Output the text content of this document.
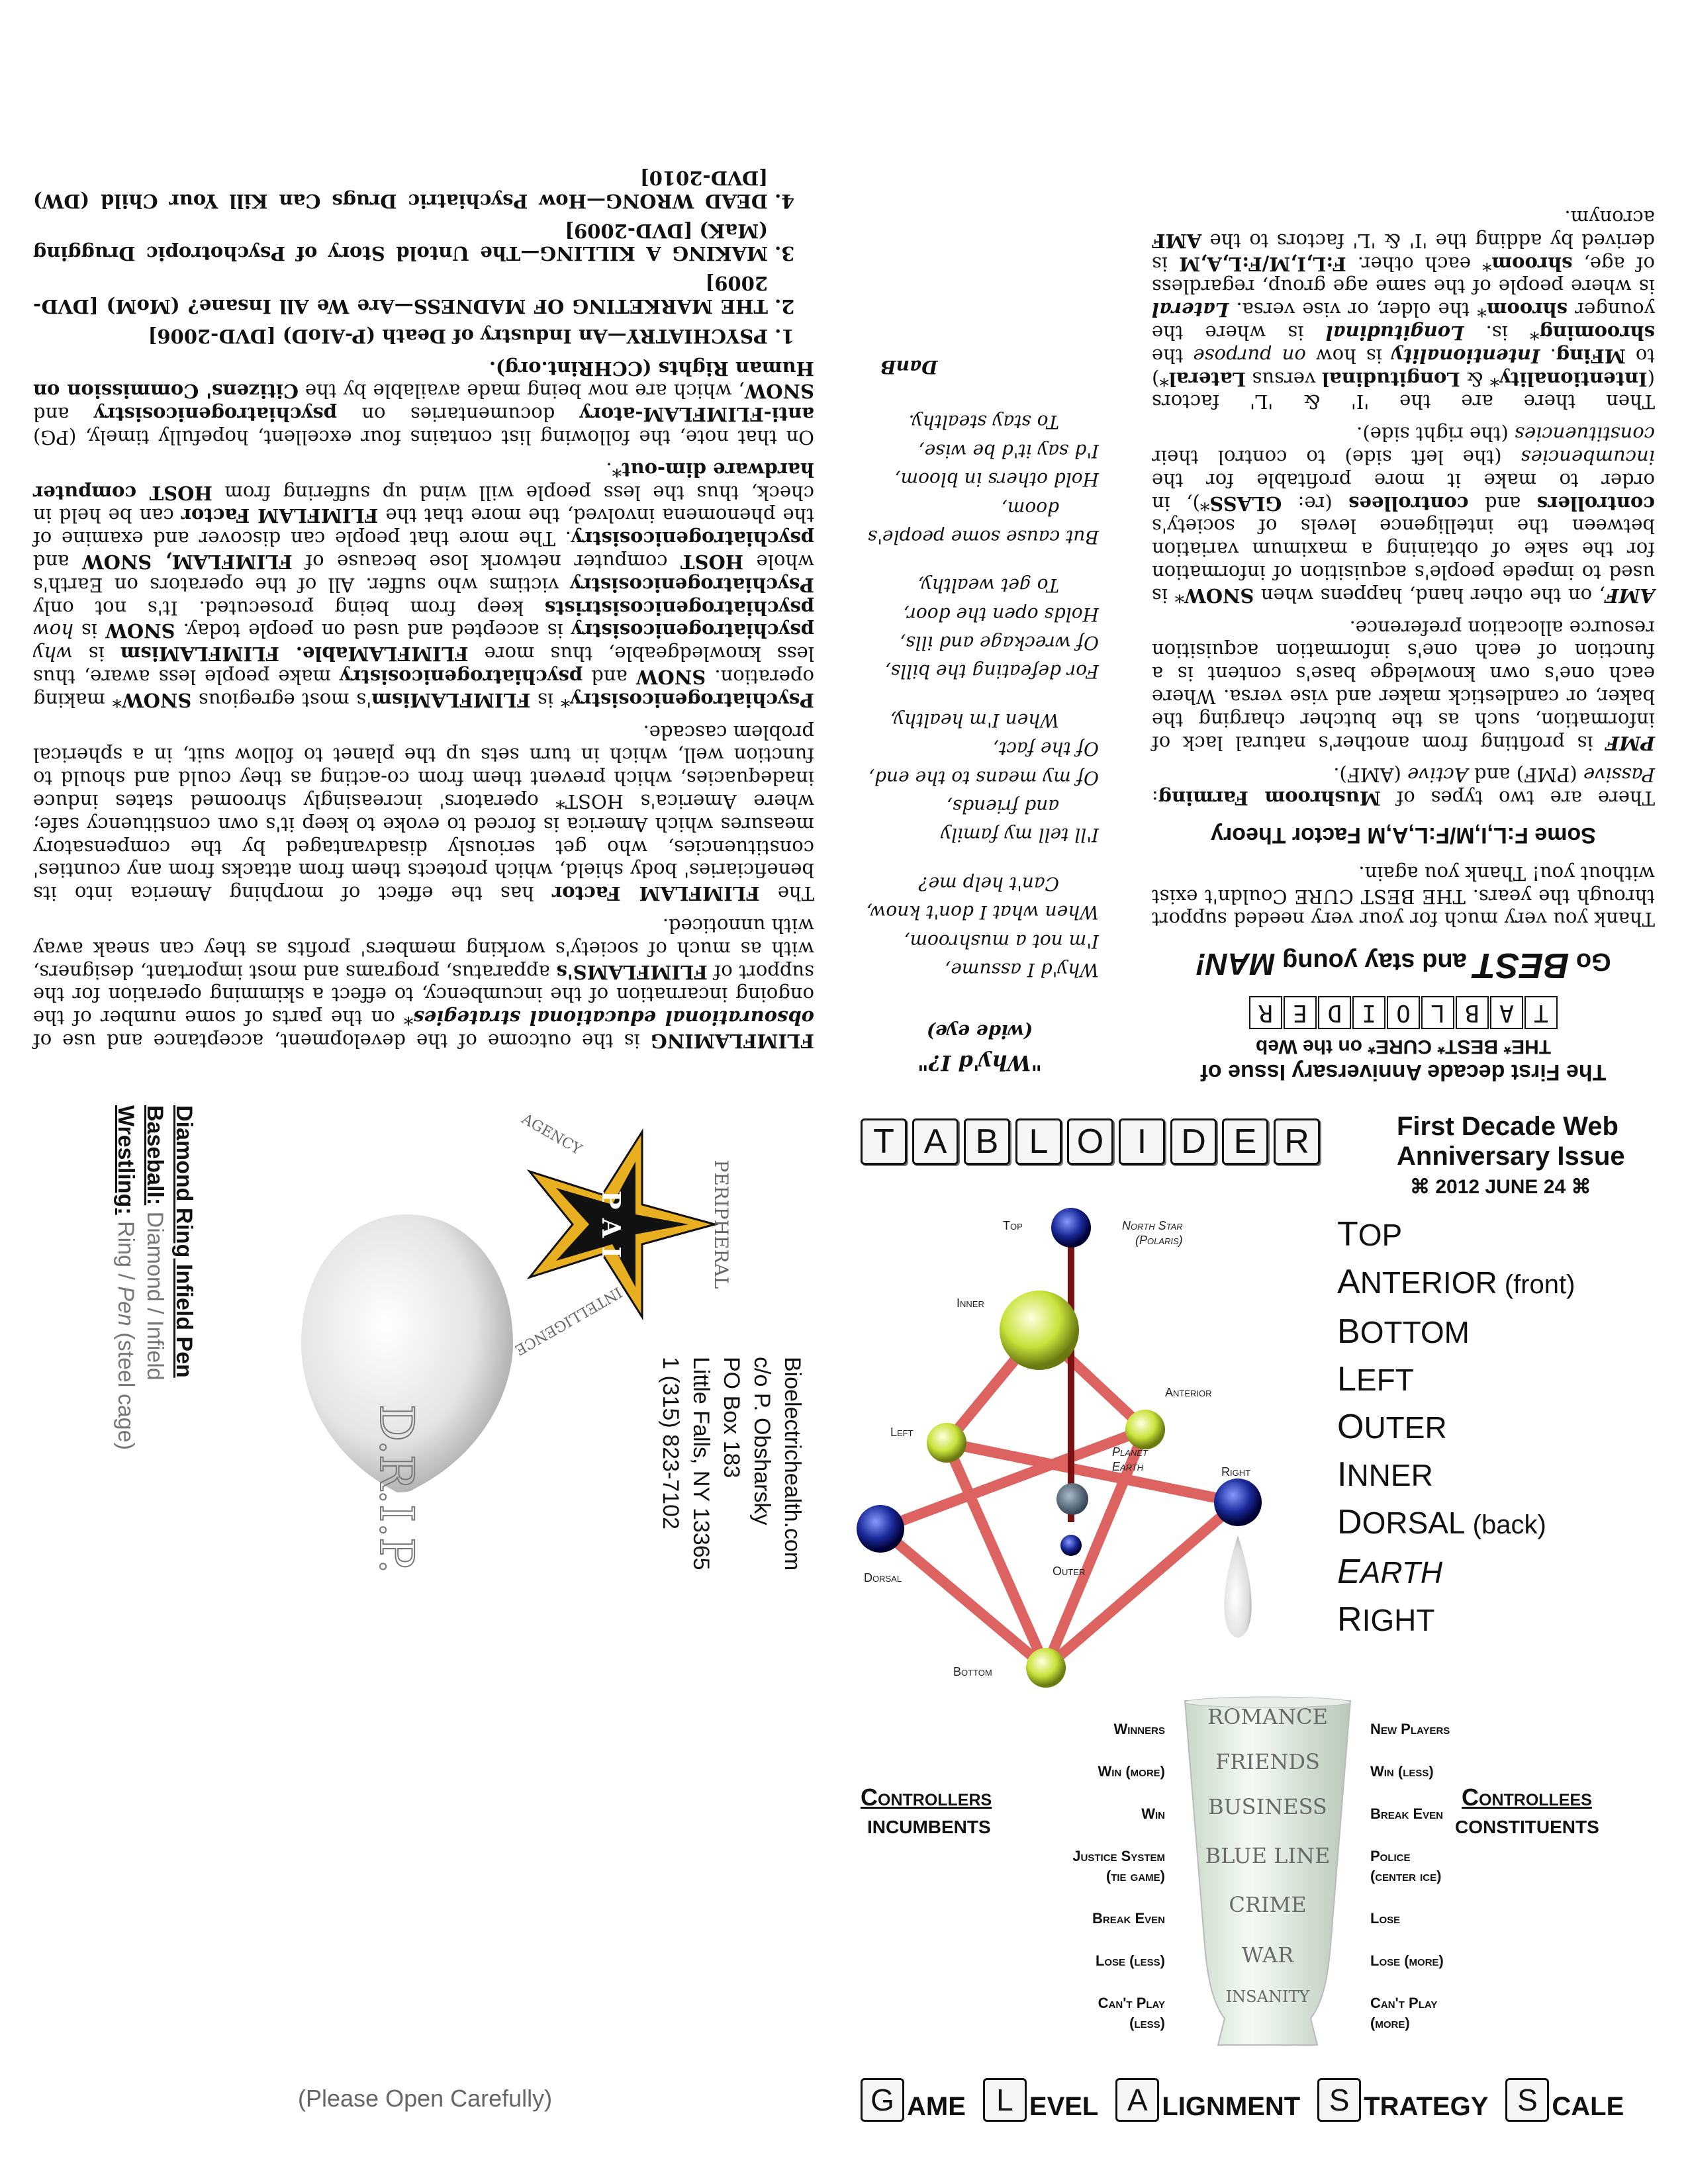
FLIMFLAMING is the outcome of the development, acceptance and use of obsourational educational strategies* on the parts of some number of the ongoing incarnation of the incumbency, to effect a skimming operation for the support of FLIMFLAMS's apparatus, programs and most important, designers, with as much of society's working members' profits as they can sneak away with unnoticed.

The FLIMFLAM Factor has the effect of morphing America into its beneficiaries' body shield, which protects them from attacks from any counties' constituencies, who get seriously disadvantaged by the compensatory measures which America is forced to evoke to keep it's own constituency safe; where America's HOST* operators' increasingly shroomed states induce inadequacies, which prevent them from co-acting as they could and should to function well, which in turn sets up the planet to follow suit, in a spherical problem cascade.

Psychiatrogenicosistry* is FLIMFLAMism's most egregious SNOW* making operation. SNOW and psychiatrogenicosistry make people less aware, thus less knowledgeable, thus more FLIMFLAMable. FLIMFLAMism is why psychiatrogenicosistry is accepted and used on people today. SNOW is how psychiatrogenicosistrists keep from being prosecuted. It's not only Psychiatrogenicosistry victims who suffer. All of the operators on Earth's whole HOST computer network lose because of FLIMFLAM, SNOW and psychiatrogenicosistry. The more that people can discover and examine of the phenomena involved, the more that the FLIMFLAM Factor can be held in check, thus the less people will wind up suffering from HOST computer hardware dim-out*.

On that note, the following list contains four excellent, hopefully timely, (PG) anti-FLIMFLAM-atory documentaries on psychiatrogenicosistry and SNOW, which are now being made available by the Citizens' Commission on Human Rights (CCHRint.org).

1. PSYCHIATRY—An Industry of Death (P-AIoD) [DVD-2006]
2. THE MARKETING OF MADNESS—Are We All Insane? (MoM) [DVD-2009]
3. MAKING A KILLING—The Untold Story of Psychotropic Drugging (MaK) [DVD-2009]
4. DEAD WRONG—How Psychiatric Drugs Can Kill Your Child (DW) [DVD-2010]
The First decade Anniversary Issue of
THE* BEST* CURE* on the Web
T
A
B
L
O
I
D
E
R
Go BEST and stay young MAN!

Thank you very much for your very needed support through the years. THE BEST CURE Couldn't exist without you! Thank you again.

Some F:L,I,M/F:L,A,M Factor Theory

There are two types of Mushroom Farming: Passive (PMF) and Active (AMF).

PMF is profiting from another's natural lack of information, such as the butcher charging the baker, or candlestick maker and vise versa. Where each one's own knowledge base's content is a function of each one's information acquisition resource allocation preference.

AMF, on the other hand, happens when SNOW* is used to impede people's acquisition of information for the sake of obtaining a maximum variation between the intelligence levels of society's controllers and controllees (re: GLASS*), in order to make it more profitable for the incumbencies (the left side) to control their constituencies (the right side).

Then there are the 'I' & 'L' factors (Intentionality* & Longitudinal versus Lateral*) to MFing. Intentionality is how on purpose the shrooming* is. Longitudinal is where the younger shroom* the older, or vise versa. Lateral is where people of the same age group, regardless of age, shroom* each other. F:L,I,M/F:L,A,M is derived by adding the 'I' & 'L' factors to the AMF acronym.

"Why'd I?"
(wide eye)
Why'd I assume,
I'm not a mushroom,
When what I don't know,
Can't help me?
I'll tell my family
and friends,
Of my means to the end,
Of the fact,
When I'm healthy,
For defeating the bills,
Of wreckage and ills,
Holds open the door,
To get wealthy,
But cause some people's
doom,
Hold others in bloom,
I'd say it'd be wise,
To stay stealthy.
DanB
D.R.I.P.
P A I	PERIPHERAL
INTELLIGENCE
AGENCY
Bioelectrichealth.com
c/o P. Obsharsky
PO Box 183
Little Falls, NY 13365
1 (315) 823-7102
Diamond Ring Infield Pen
Baseball: Diamond / Infield
Wrestling: Ring / Pen (steel cage)
(Please Open Carefully)
T A B L O I	D E R	First Decade Web
Anniversary Issue
⌘ 2012 JUNE 24 ⌘
Top	North Star
(Polaris)
Inner
Anterior
Left
Planet
Earth	Right
Outer
Dorsal
Bottom
TOP
ANTERIOR (front)
BOTTOM
LEFT
OUTER
INNER
DORSAL (back)
EARTH
RIGHT
ROMANCE
FRIENDS
BUSINESS
BLUE LINE
CRIME
WAR
INSANITY
Controllers
INCUMBENTS
Controllees
CONSTITUENTS
Winners
Win (more)
Win
Justice System
(tie game)
Break Even
Lose (less)
Can't Play
(less)
New Players
Win (less)
Break Even
Police
(center ice)
Lose
Lose (more)
Can't Play
(more)
G AME	L EVEL A LIGNMENT S TRATEGY S CALE
